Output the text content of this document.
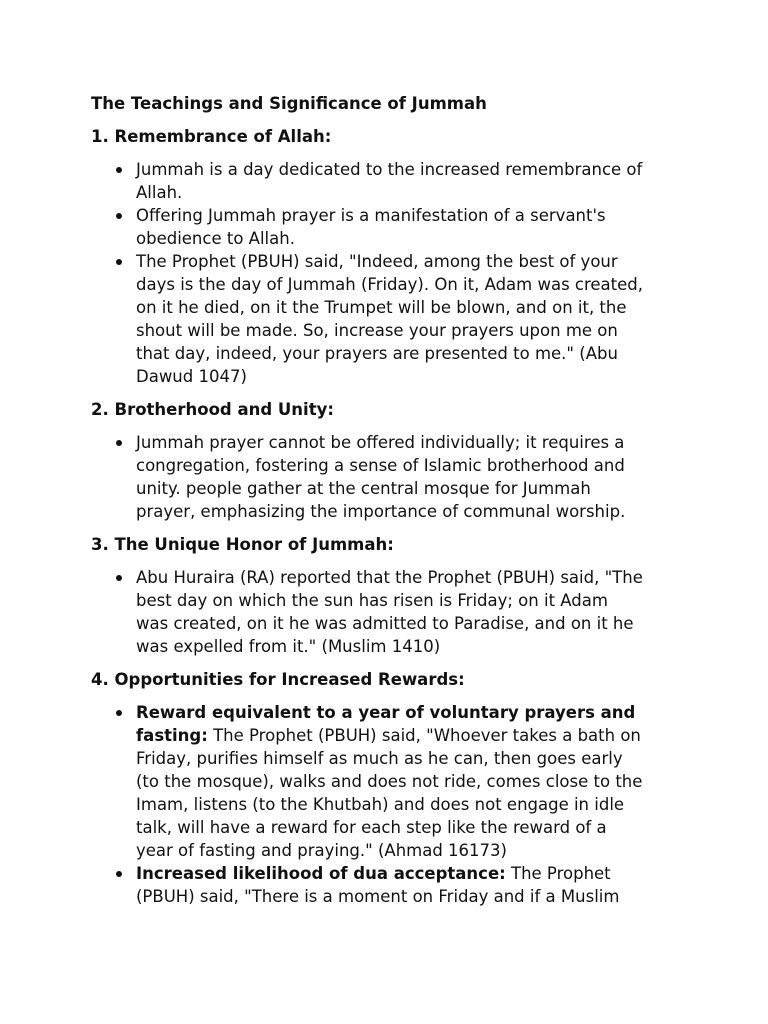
The Teachings and Significance of Jummah
1. Remembrance of Allah:
Jummah is a day dedicated to the increased remembrance of
Allah.
Offering Jummah prayer is a manifestation of a servant's
obedience to Allah.
The Prophet (PBUH) said, "Indeed, among the best of your
days is the day of Jummah (Friday). On it, Adam was created,
on it he died, on it the Trumpet will be blown, and on it, the
shout will be made. So, increase your prayers upon me on
that day, indeed, your prayers are presented to me." (Abu
Dawud 1047)
2. Brotherhood and Unity:
Jummah prayer cannot be offered individually; it requires a
congregation, fostering a sense of Islamic brotherhood and
unity. people gather at the central mosque for Jummah
prayer, emphasizing the importance of communal worship.
3. The Unique Honor of Jummah:
Abu Huraira (RA) reported that the Prophet (PBUH) said, "The
best day on which the sun has risen is Friday; on it Adam
was created, on it he was admitted to Paradise, and on it he
was expelled from it." (Muslim 1410)
4. Opportunities for Increased Rewards:
Reward equivalent to a year of voluntary prayers and
fasting: The Prophet (PBUH) said, "Whoever takes a bath on
Friday, purifies himself as much as he can, then goes early
(to the mosque), walks and does not ride, comes close to the
Imam, listens (to the Khutbah) and does not engage in idle
talk, will have a reward for each step like the reward of a
year of fasting and praying." (Ahmad 16173)
Increased likelihood of dua acceptance: The Prophet
(PBUH) said, "There is a moment on Friday and if a Muslim
